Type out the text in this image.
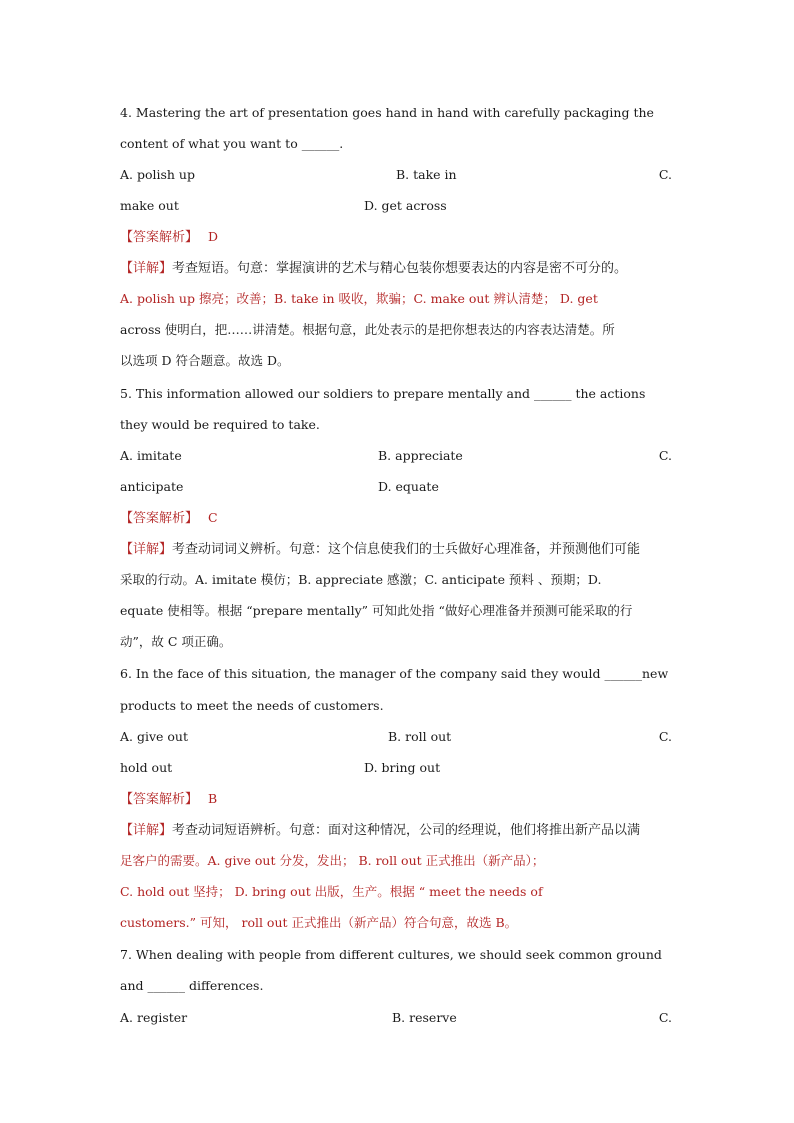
4. Mastering the art of presentation goes hand in hand with carefully packaging the
content of what you want to ______.
A. polish up	B. take in	C.
make out	D. get across
【答案解析】 D
【详解】考查短语。句意：掌握演讲的艺术与精心包装你想要表达的内容是密不可分的。
A. polish up 擦亮；改善；B. take in 吸收，欺骗；C. make out 辨认清楚； D. get
across 使明白，把……讲清楚。根据句意，此处表示的是把你想表达的内容表达清楚。所
以选项 D 符合题意。故选 D。
5. This information allowed our soldiers to prepare mentally and ______ the actions
they would be required to take.
A. imitate	B. appreciate	C.
anticipate	D. equate
【答案解析】 C
【详解】考查动词词义辨析。句意：这个信息使我们的士兵做好心理准备，并预测他们可能
采取的行动。A. imitate 模仿；B. appreciate 感激；C. anticipate 预料 、预期；D.
equate 使相等。根据 “prepare mentally” 可知此处指 “做好心理准备并预测可能采取的行
动”，故 C 项正确。
6. In the face of this situation, the manager of the company said they would ______new
products to meet the needs of customers.
A. give out	B. roll out	C.
hold out	D. bring out
【答案解析】 B
【详解】考查动词短语辨析。句意：面对这种情况，公司的经理说，他们将推出新产品以满
足客户的需要。A. give out 分发，发出； B. roll out 正式推出（新产品）；
C. hold out 坚持； D. bring out 出版，生产。根据 “ meet the needs of
customers.” 可知， roll out 正式推出（新产品）符合句意，故选 B。
7. When dealing with people from different cultures, we should seek common ground
and ______ differences.
A. register	B. reserve	C.
